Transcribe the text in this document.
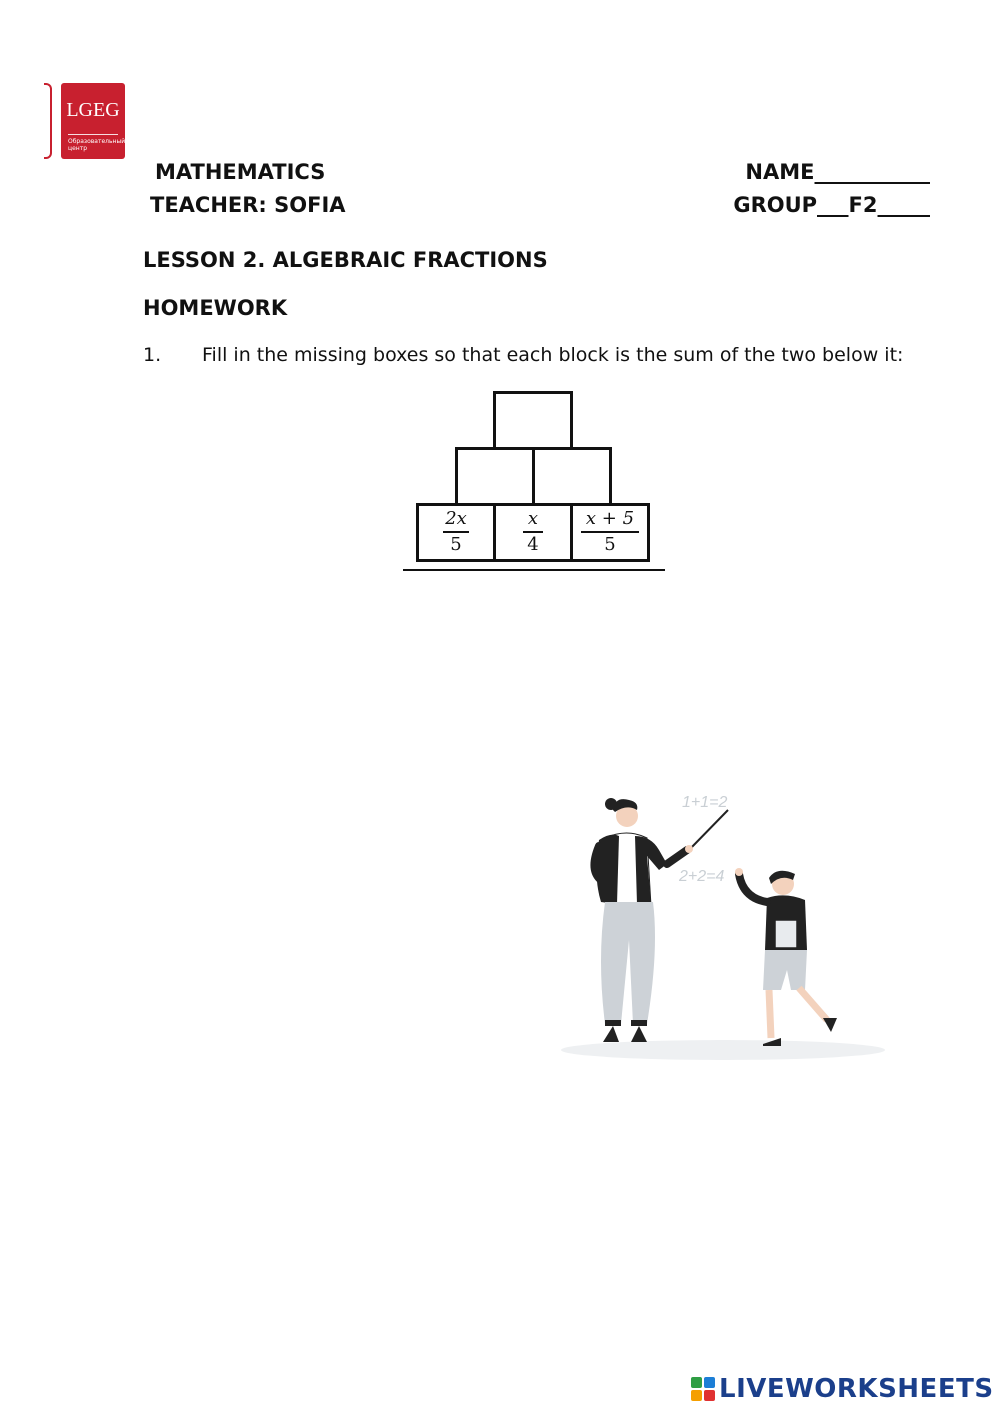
LGEG
Образовательный центр
MATHEMATICS
TEACHER: SOFIA
NAME___________
GROUP___F2_____
LESSON 2. ALGEBRAIC FRACTIONS
HOMEWORK
1. Fill in the missing boxes so that each block is the sum of the two below it:
2x
5
x
4
x + 5
5
1+1=2
2+2=4
LIVEWORKSHEETS
